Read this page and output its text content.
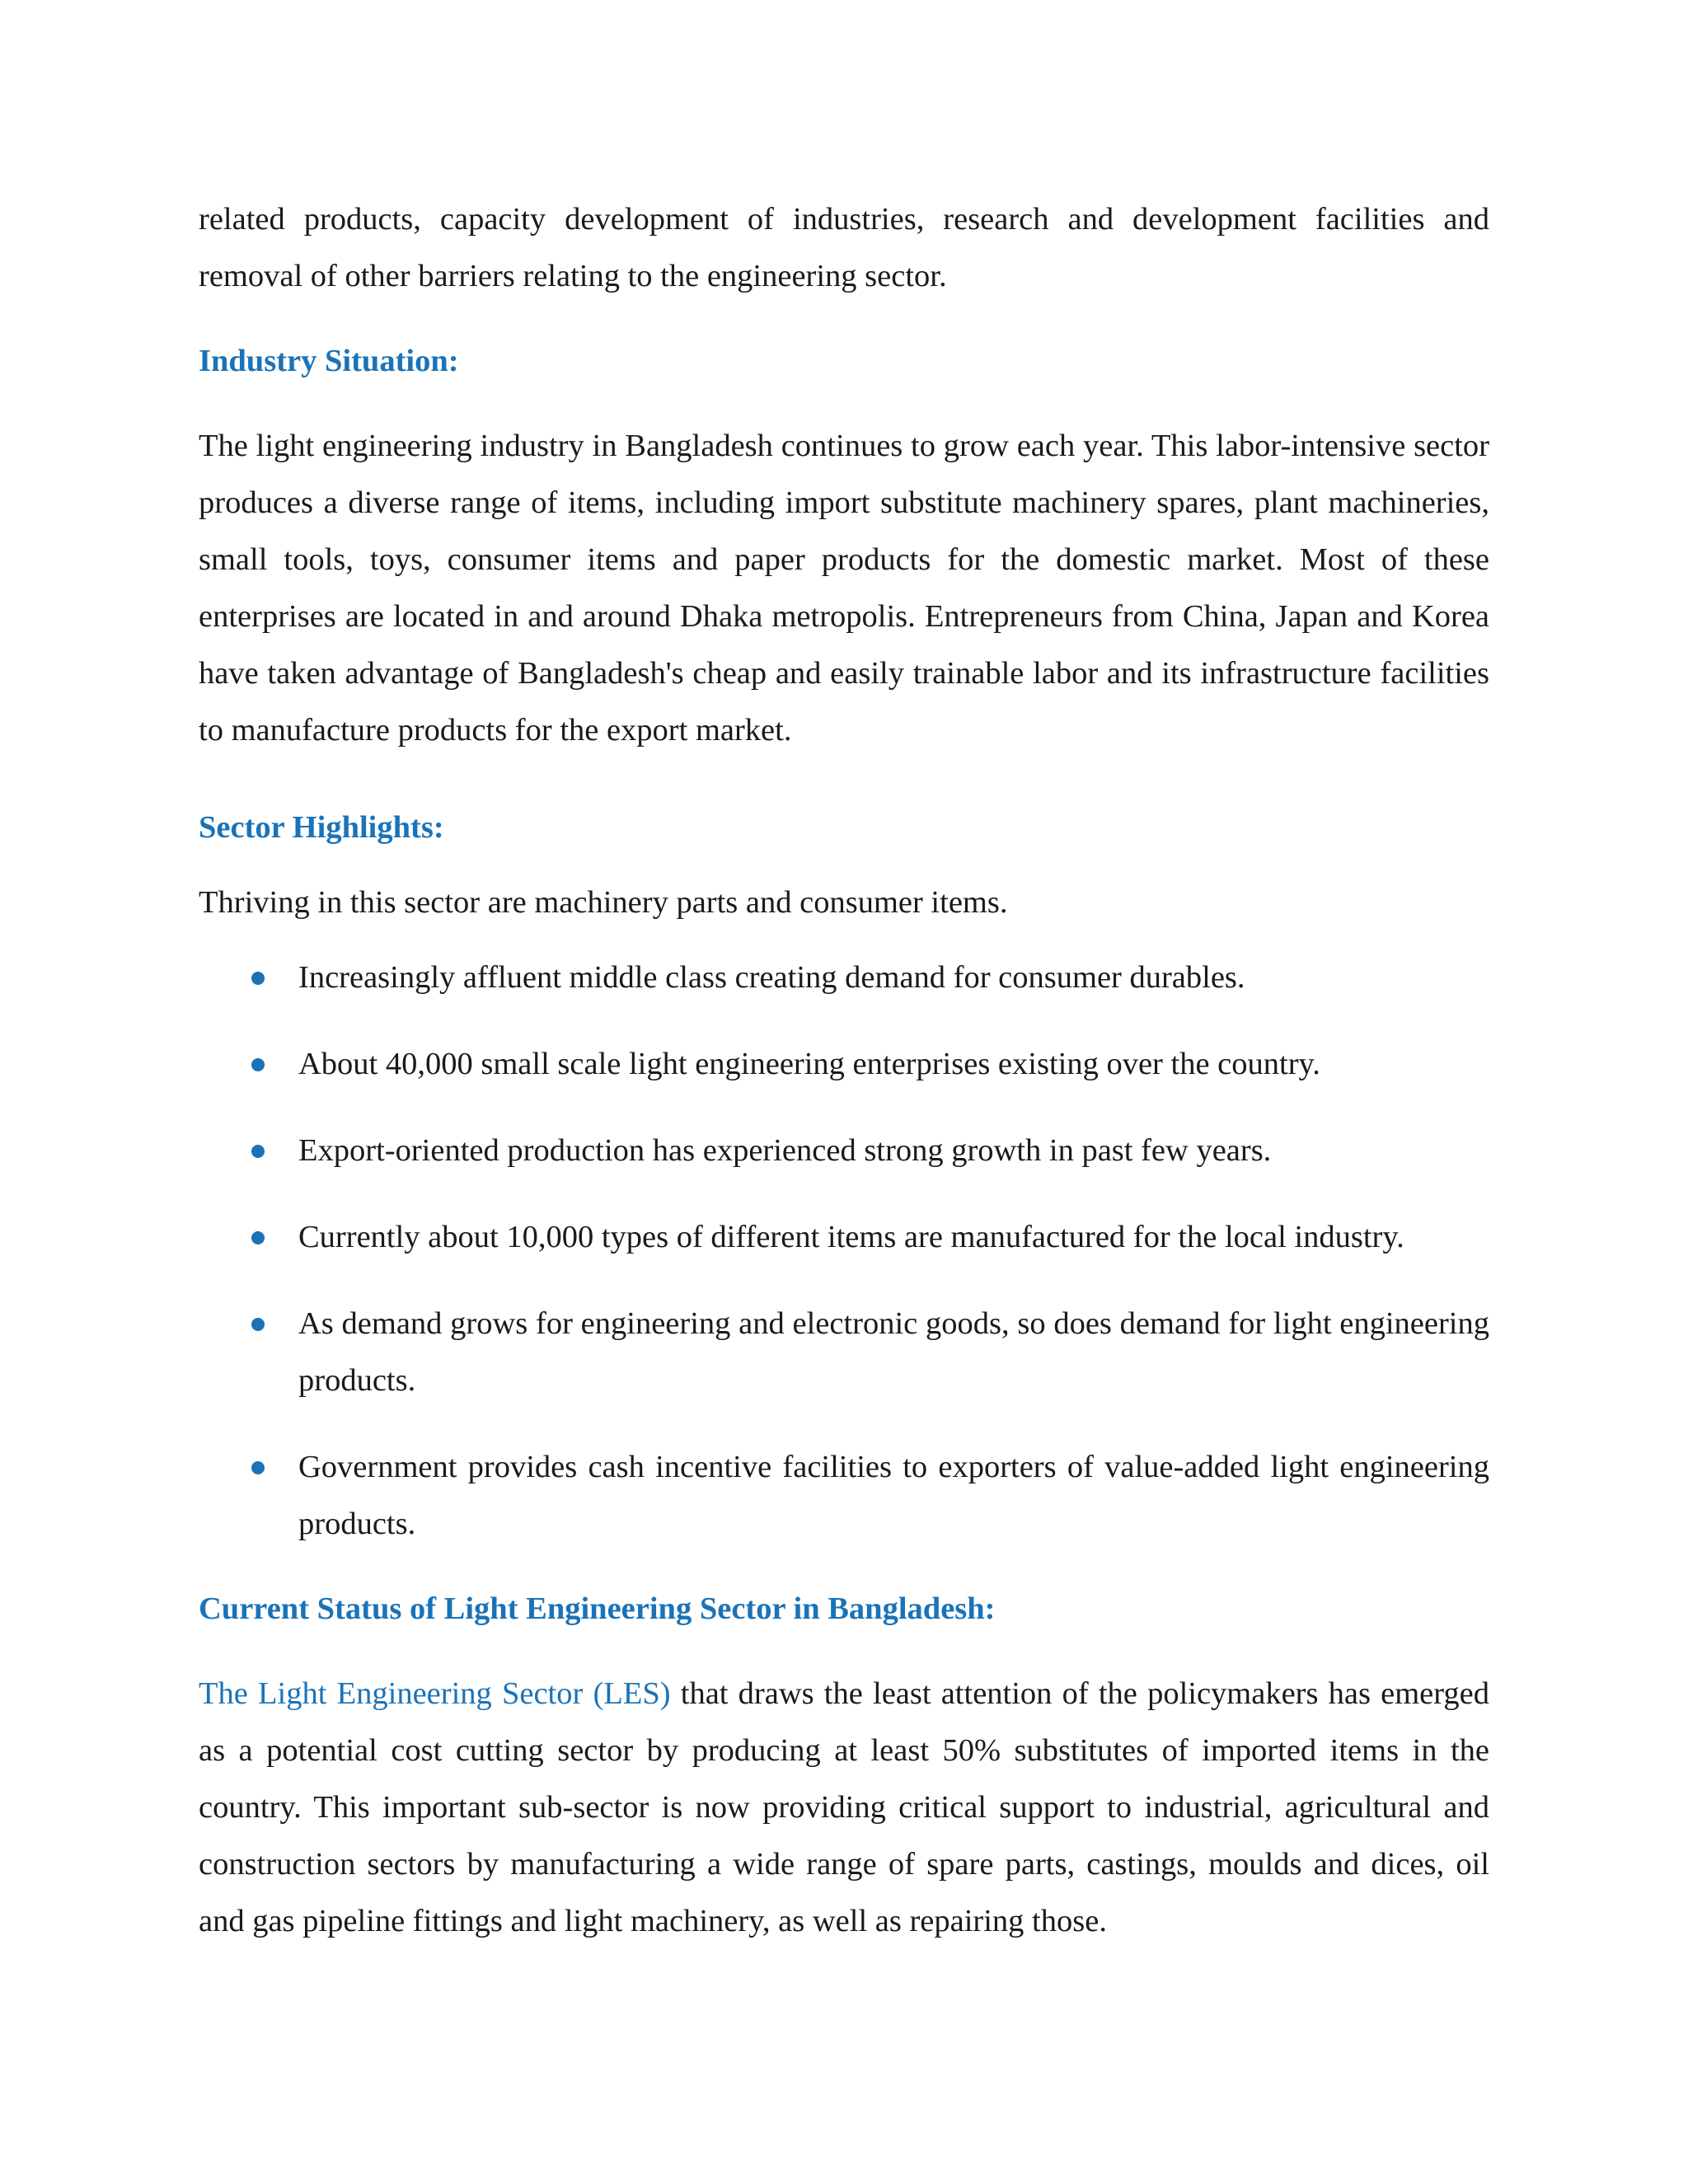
related products, capacity development of industries, research and development facilities and removal of other barriers relating to the engineering sector.

Industry Situation:

The light engineering industry in Bangladesh continues to grow each year. This labor-intensive sector produces a diverse range of items, including import substitute machinery spares, plant machineries, small tools, toys, consumer items and paper products for the domestic market. Most of these enterprises are located in and around Dhaka metropolis. Entrepreneurs from China, Japan and Korea have taken advantage of Bangladesh's cheap and easily trainable labor and its infrastructure facilities to manufacture products for the export market.

Sector Highlights:

Thriving in this sector are machinery parts and consumer items.

Increasingly affluent middle class creating demand for consumer durables.
About 40,000 small scale light engineering enterprises existing over the country.
Export-oriented production has experienced strong growth in past few years.
Currently about 10,000 types of different items are manufactured for the local industry.
As demand grows for engineering and electronic goods, so does demand for light engineering products.
Government provides cash incentive facilities to exporters of value-added light engineering products.
Current Status of Light Engineering Sector in Bangladesh:

The Light Engineering Sector (LES) that draws the least attention of the policymakers has emerged as a potential cost cutting sector by producing at least 50% substitutes of imported items in the country. This important sub-sector is now providing critical support to industrial, agricultural and construction sectors by manufacturing a wide range of spare parts, castings, moulds and dices, oil and gas pipeline fittings and light machinery, as well as repairing those.
